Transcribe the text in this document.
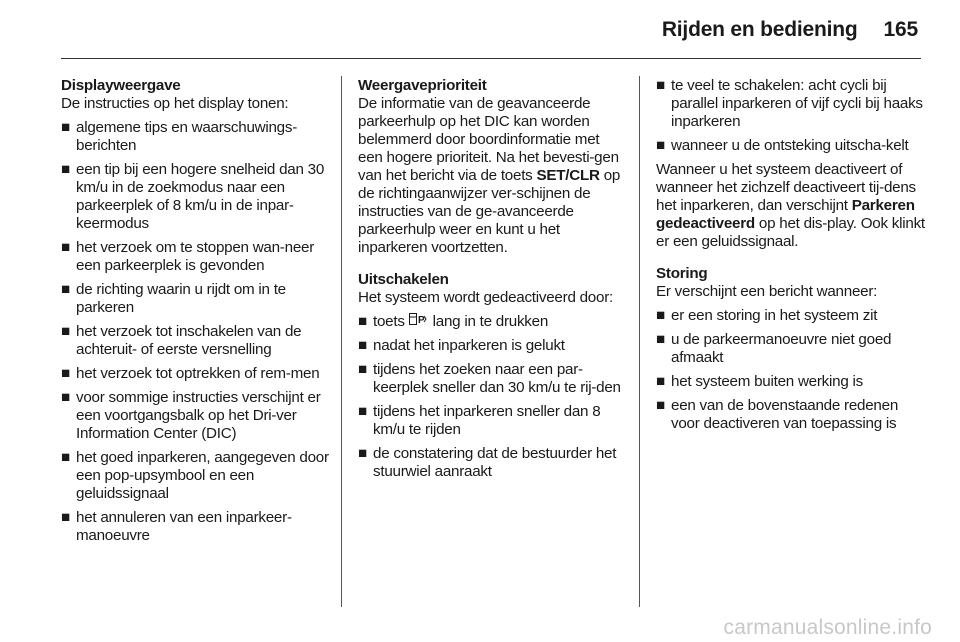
Rijden en bediening 165

Displayweergave

De instructies op het display tonen:

■ algemene tips en waarschuwings-berichten
■ een tip bij een hogere snelheid dan 30 km/u in de zoekmodus naar een parkeerplek of 8 km/u in de inpar-keermodus
■ het verzoek om te stoppen wan-neer een parkeerplek is gevonden
■ de richting waarin u rijdt om in te parkeren
■ het verzoek tot inschakelen van de achteruit- of eerste versnelling
■ het verzoek tot optrekken of rem-men
■ voor sommige instructies verschijnt er een voortgangsbalk op het Dri-ver Information Center (DIC)
■ het goed inparkeren, aangegeven door een pop-upsymbool en een geluidssignaal
■ het annuleren van een inparkeer-manoeuvre

Weergaveprioriteit

De informatie van de geavanceerde parkeerhulp op het DIC kan worden belemmerd door boordinformatie met een hogere prioriteit. Na het bevesti-gen van het bericht via de toets SET/CLR op de richtingaanwijzer ver-schijnen de instructies van de ge-avanceerde parkeerhulp weer en kunt u het inparkeren voortzetten.

Uitschakelen

Het systeem wordt gedeactiveerd door:

■ toets P lang in te drukken
■ nadat het inparkeren is gelukt
■ tijdens het zoeken naar een par-keerplek sneller dan 30 km/u te rij-den
■ tijdens het inparkeren sneller dan 8 km/u te rijden
■ de constatering dat de bestuurder het stuurwiel aanraakt
■ te veel te schakelen: acht cycli bij parallel inparkeren of vijf cycli bij haaks inparkeren
■ wanneer u de ontsteking uitscha-kelt

Wanneer u het systeem deactiveert of wanneer het zichzelf deactiveert tij-dens het inparkeren, dan verschijnt Parkeren gedeactiveerd op het dis-play. Ook klinkt er een geluidssignaal.

Storing

Er verschijnt een bericht wanneer:

■ er een storing in het systeem zit
■ u de parkeermanoeuvre niet goed afmaakt
■ het systeem buiten werking is
■ een van de bovenstaande redenen voor deactiveren van toepassing is
carmanualsonline.info
